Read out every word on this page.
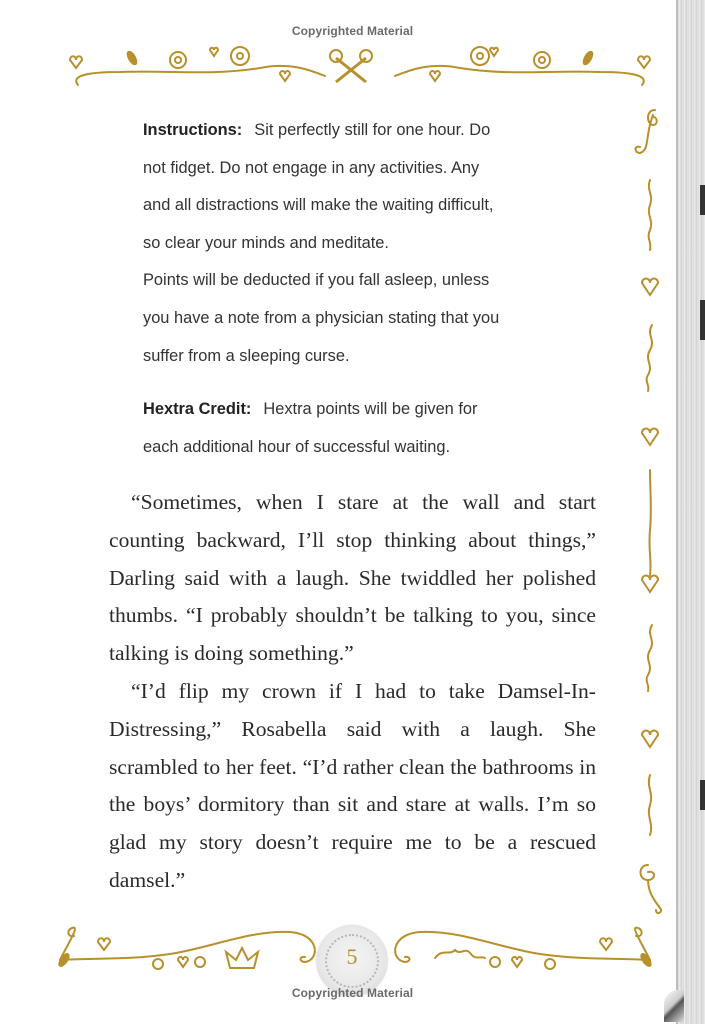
Copyrighted Material

Instructions: Sit perfectly still for one hour. Do

not fidget. Do not engage in any activities. Any

and all distractions will make the waiting difficult,

so clear your minds and meditate.

Points will be deducted if you fall asleep, unless

you have a note from a physician stating that you

suffer from a sleeping curse.

Hextra Credit: Hextra points will be given for

each additional hour of successful waiting.

“Sometimes, when I stare at the wall and start counting backward, I’ll stop thinking about things,” Darling said with a laugh. She twiddled her polished thumbs. “I probably shouldn’t be talking to you, since talking is doing something.”

“I’d flip my crown if I had to take Damsel-In-Distressing,” Rosabella said with a laugh. She scrambled to her feet. “I’d rather clean the bathrooms in the boys’ dormitory than sit and stare at walls. I’m so glad my story doesn’t require me to be a rescued damsel.”

5
Copyrighted Material
